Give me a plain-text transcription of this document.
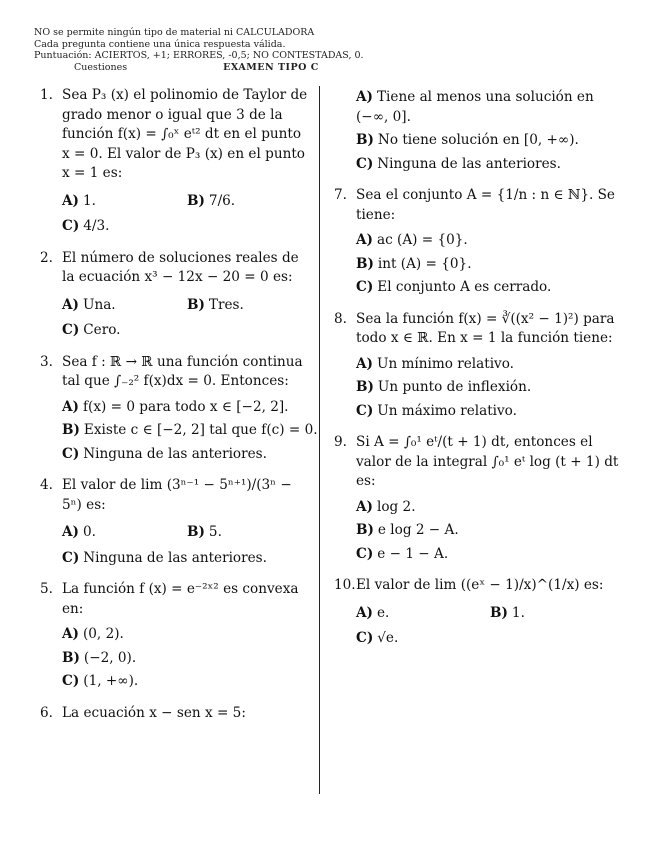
NO se permite ningún tipo de material ni CALCULADORA
Cada pregunta contiene una única respuesta válida.
Puntuación: ACIERTOS, +1; ERRORES, -0,5; NO CONTESTADAS, 0.
Cuestiones	EXAMEN TIPO C
1. Sea P₃ (x) el polinomio de Taylor de grado menor o igual que 3 de la función f(x) = ∫₀ˣ eᵗ² dt en el punto x = 0. El valor de P₃ (x) en el punto x = 1 es:
A) 1.	B) 7/6.
C) 4/3.
2. El número de soluciones reales de la ecuación x³ − 12x − 20 = 0 es:
A) Una.	B) Tres.
C) Cero.
3. Sea f : ℝ → ℝ una función continua tal que ∫₋₂² f(x)dx = 0. Entonces:
A) f(x) = 0 para todo x ∈ [−2, 2].
B) Existe c ∈ [−2, 2] tal que f(c) = 0.
C) Ninguna de las anteriores.
4. El valor de lim (3ⁿ⁻¹ − 5ⁿ⁺¹)/(3ⁿ − 5ⁿ) es:
A) 0.	B) 5.
C) Ninguna de las anteriores.
5. La función f (x) = e⁻²ˣ² es convexa en:
A) (0, 2).
B) (−2, 0).
C) (1, +∞).
6. La ecuación x − sen x = 5:
A) Tiene al menos una solución en (−∞, 0].
B) No tiene solución en [0, +∞).
C) Ninguna de las anteriores.
7. Sea el conjunto A = {1/n : n ∈ ℕ}. Se tiene:
A) ac (A) = {0}.
B) int (A) = {0}.
C) El conjunto A es cerrado.
8. Sea la función f(x) = ∛((x² − 1)²) para todo x ∈ ℝ. En x = 1 la función tiene:
A) Un mínimo relativo.
B) Un punto de inflexión.
C) Un máximo relativo.
9. Si A = ∫₀¹ eᵗ/(t + 1) dt, entonces el valor de la integral ∫₀¹ eᵗ log (t + 1) dt es:
A) log 2.
B) e log 2 − A.
C) e − 1 − A.
10.El valor de lim ((eˣ − 1)/x)^(1/x) es:
A) e.	B) 1.
C) √e.
